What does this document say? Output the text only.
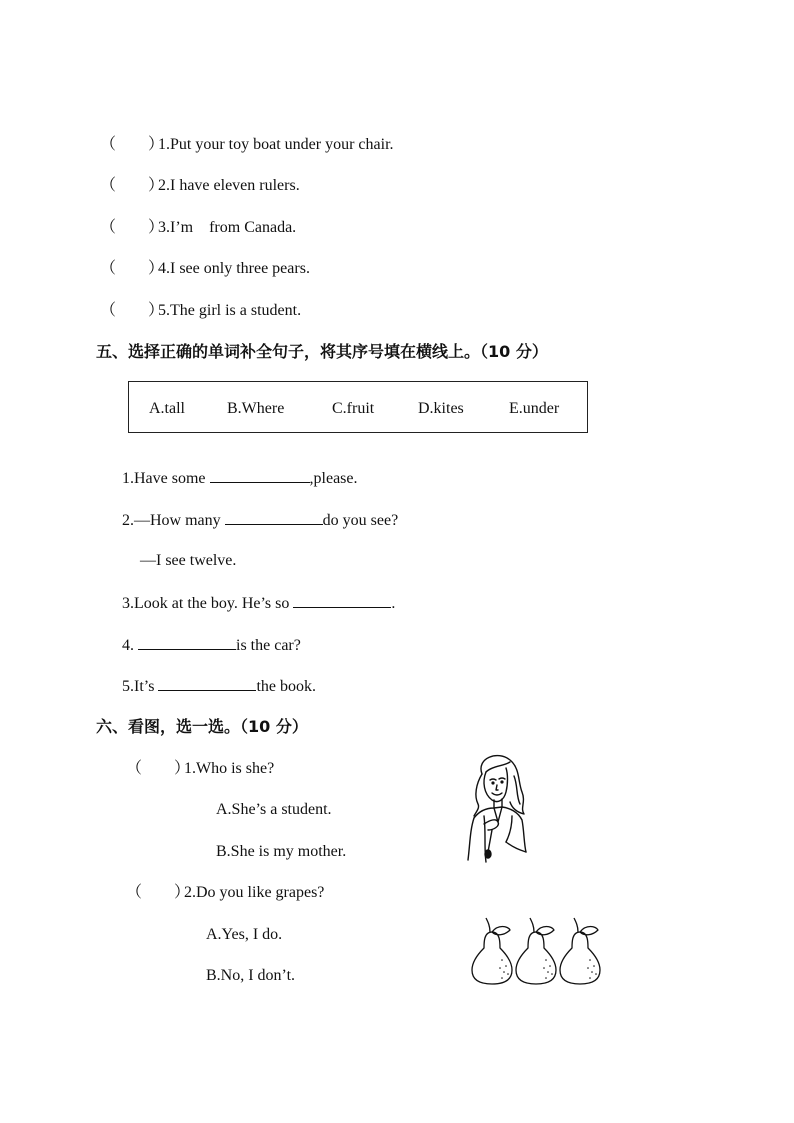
（　　）1.Put your toy boat under your chair.
（　　）2.I have eleven rulers.
（　　）3.I’m    from Canada.
（　　）4.I see only three pears.
（　　）5.The girl is a student.
五、选择正确的单词补全句子，将其序号填在横线上。（10 分）
A.tall	B.Where	C.fruit	D.kites	E.under
1.Have some	,please.
2.—How many	do you see?
—I see twelve.
3.Look at the boy. He’s so	.
4.	is the car?
5.It’s	the book.
六、看图，选一选。（10 分）
（　　）1.Who is she?
A.She’s a student.
B.She is my mother.
（　　）2.Do you like grapes?
A.Yes, I do.
B.No, I don’t.
